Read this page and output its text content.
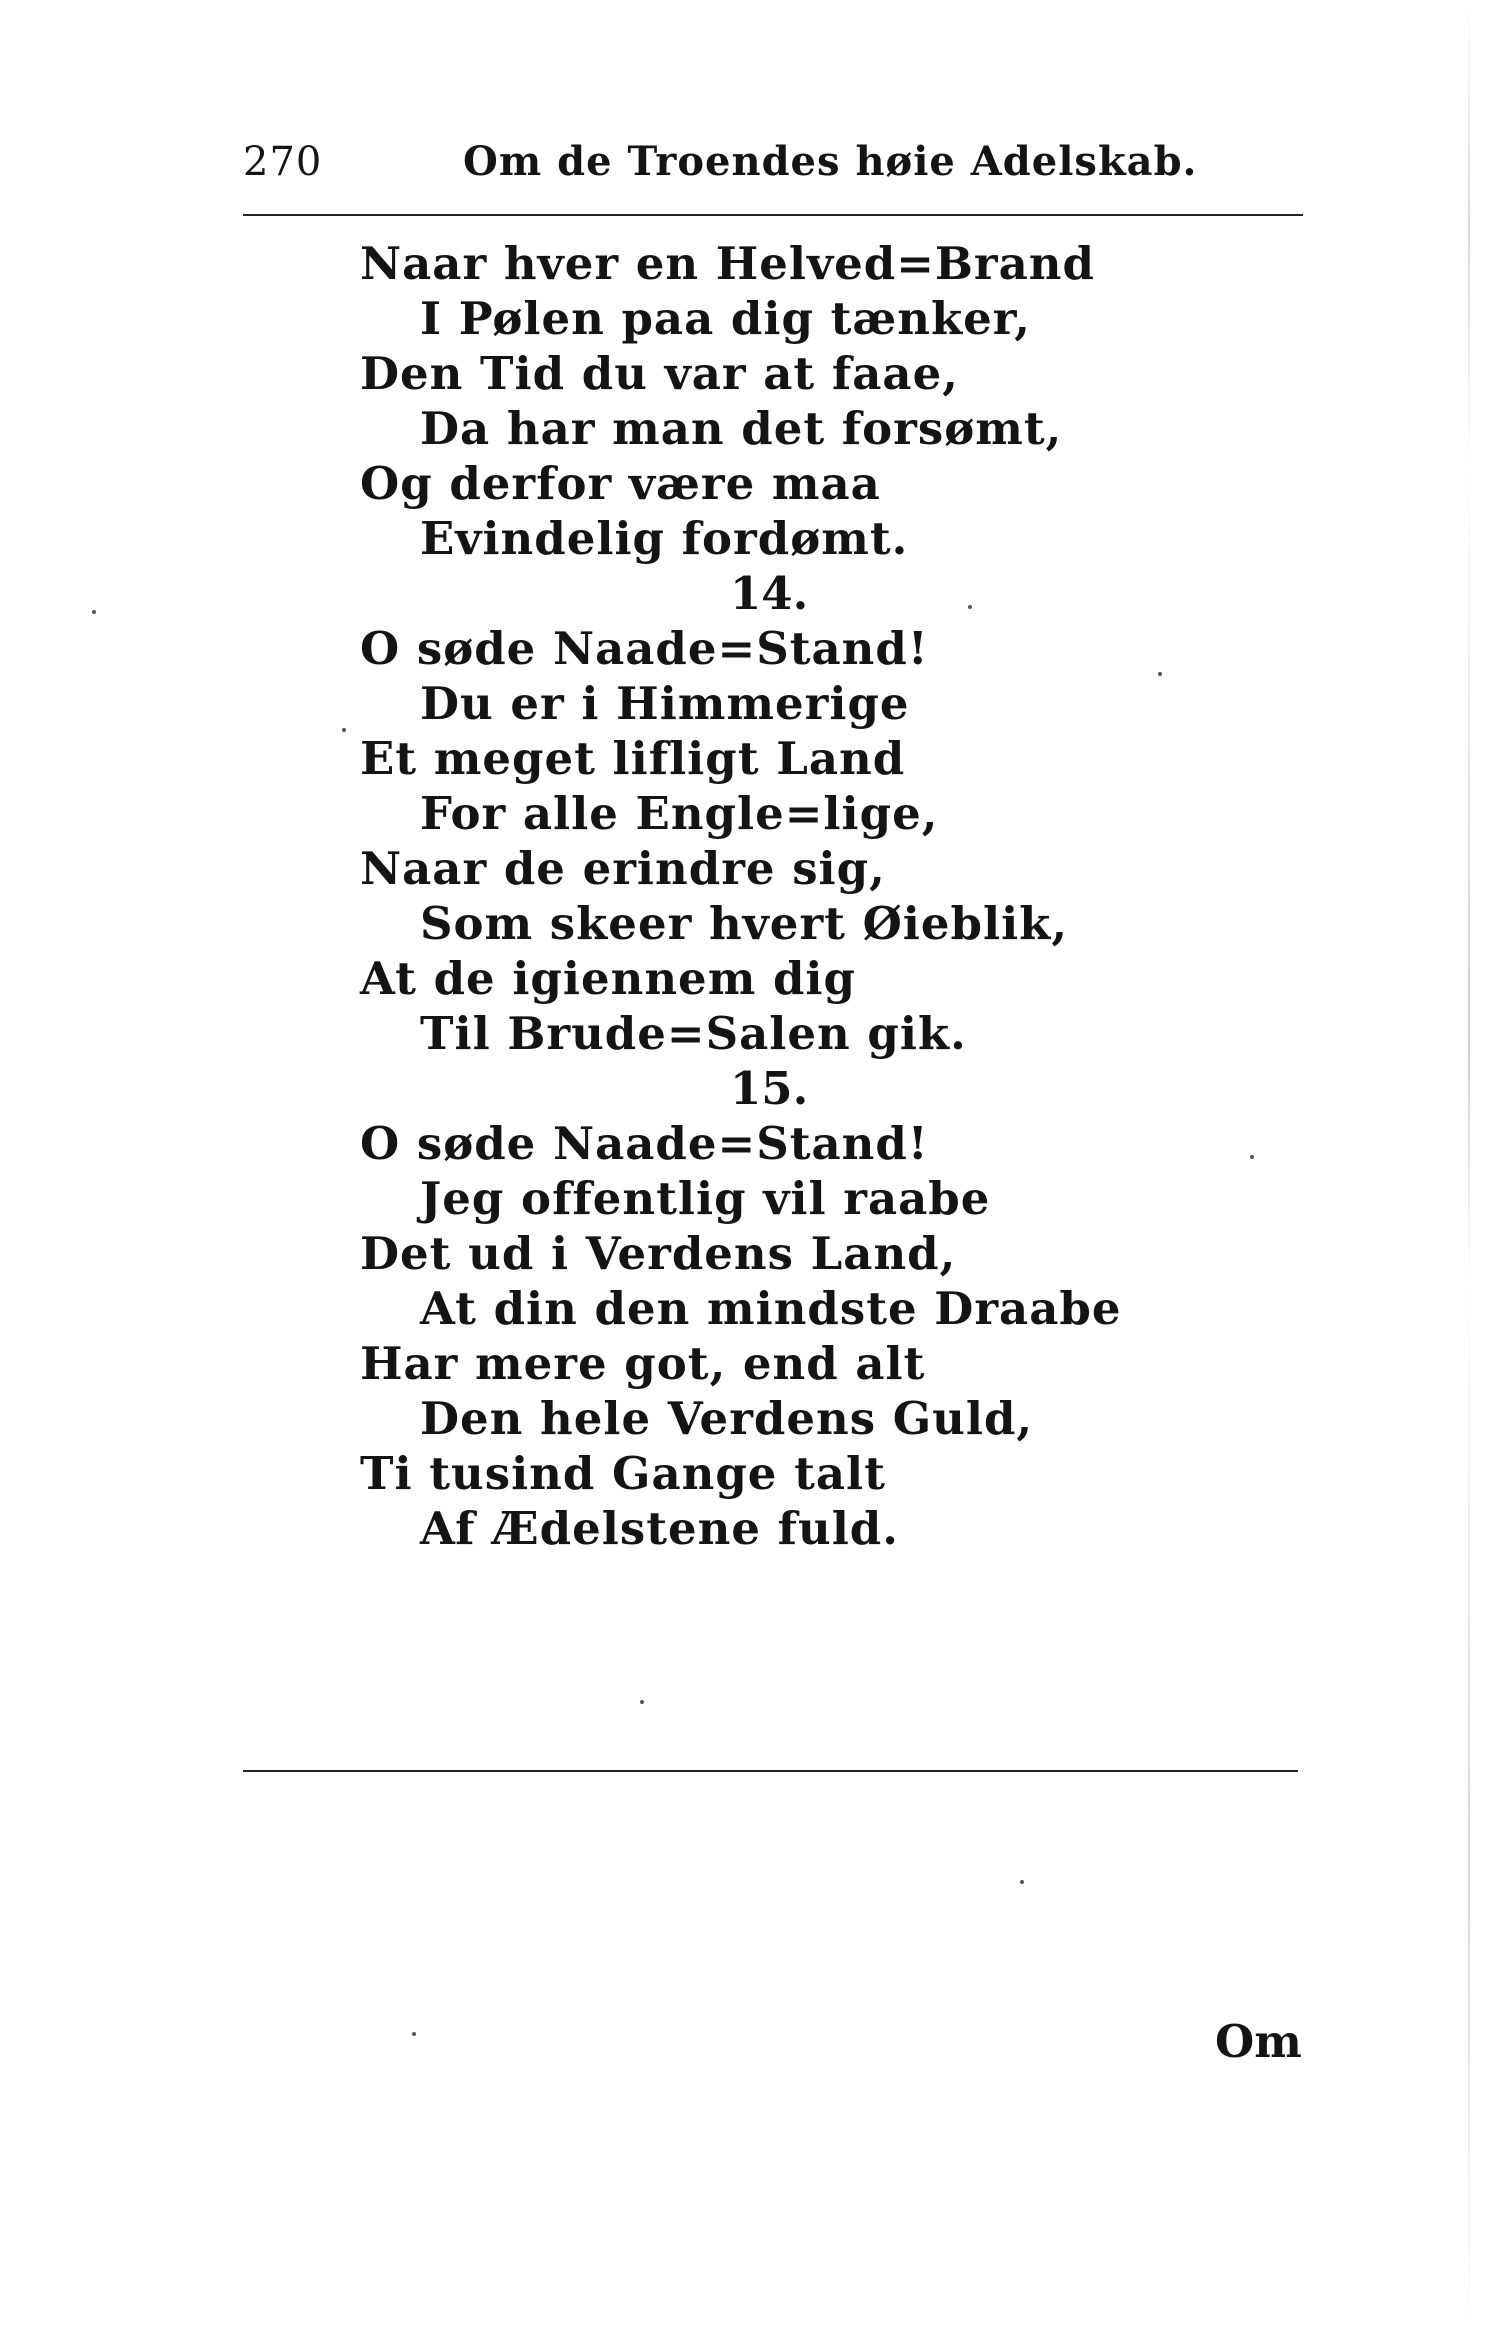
270	Om de Troendes høie Adelskab.
Naar hver en Helved=Brand
I Pølen paa dig tænker,
Den Tid du var at faae,
Da har man det forsømt,
Og derfor være maa
Evindelig fordømt.
14.
O søde Naade=Stand!
Du er i Himmerige
Et meget lifligt Land
For alle Engle=lige,
Naar de erindre sig,
Som skeer hvert Øieblik,
At de igiennem dig
Til Brude=Salen gik.
15.
O søde Naade=Stand!
Jeg offentlig vil raabe
Det ud i Verdens Land,
At din den mindste Draabe
Har mere got, end alt
Den hele Verdens Guld,
Ti tusind Gange talt
Af Ædelstene fuld.
Om
